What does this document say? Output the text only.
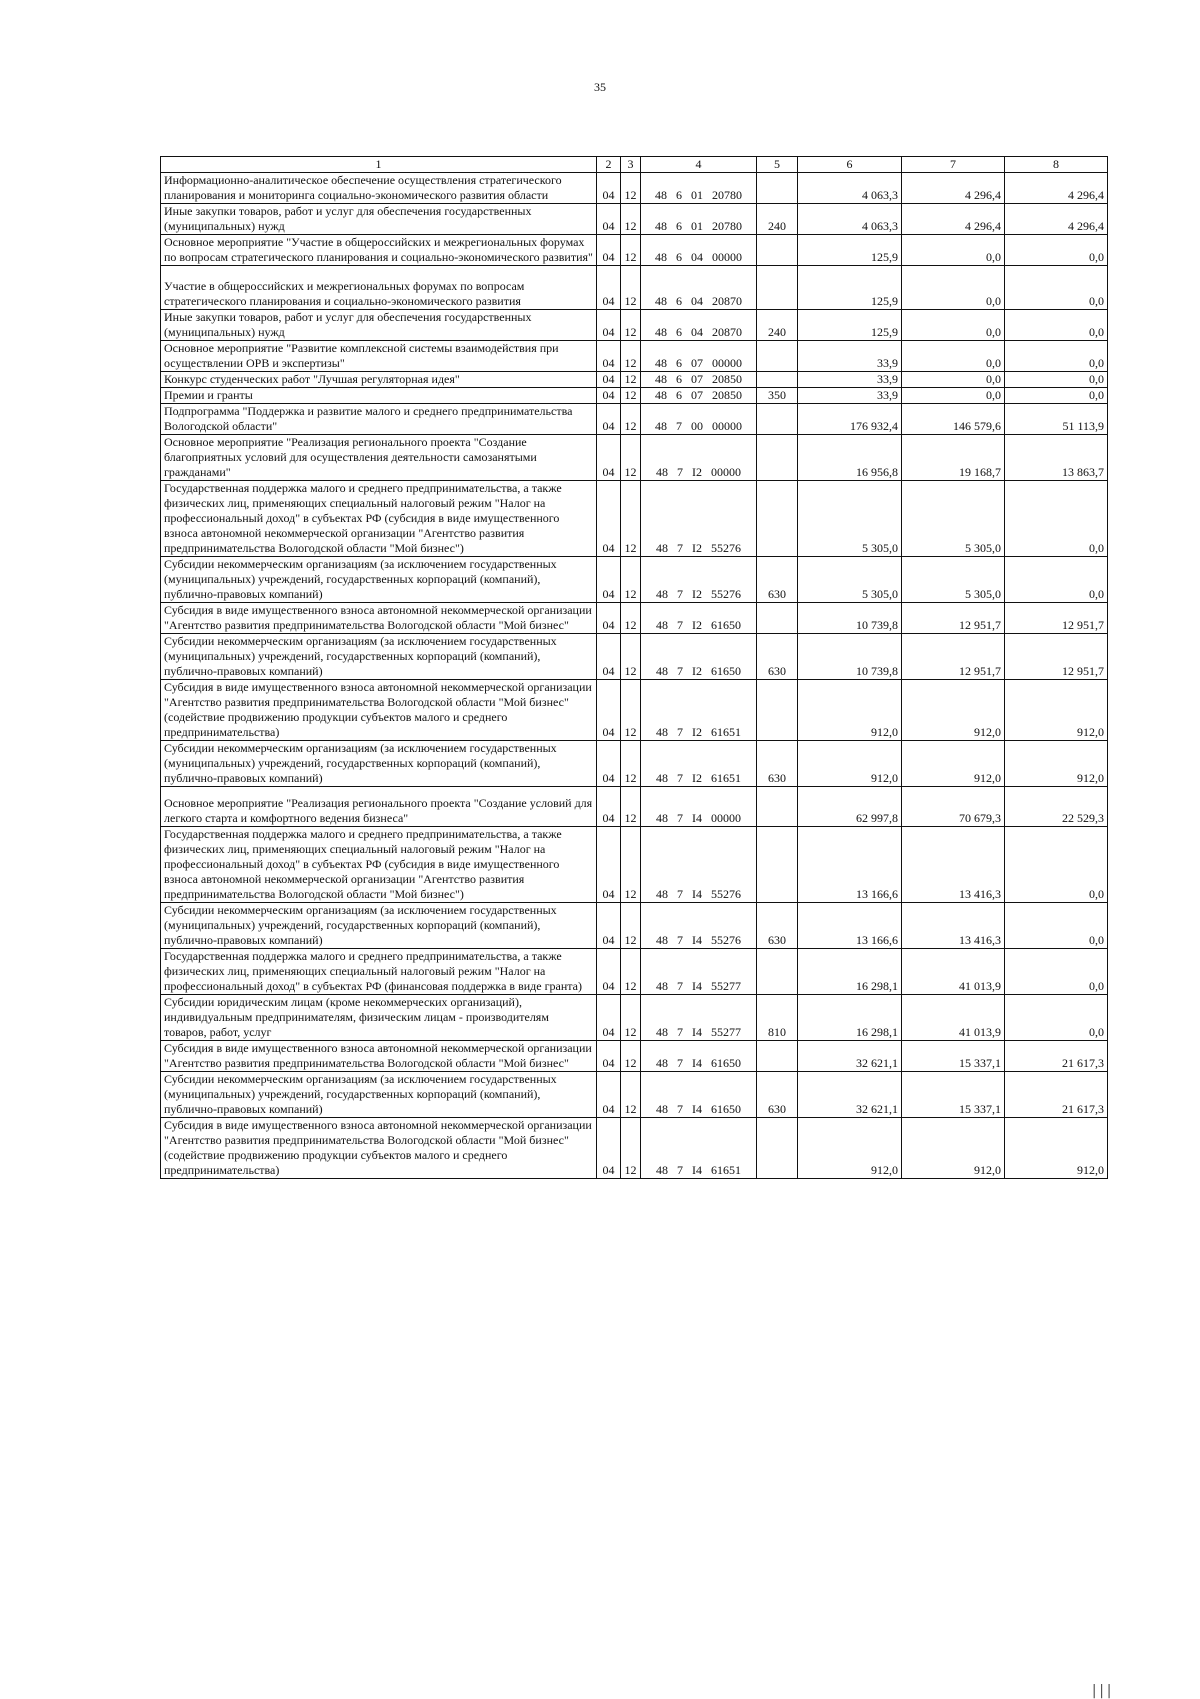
35
1	2	3	4	5	6	7	8
Информационно-аналитическое обеспечение осуществления стратегического планирования и мониторинга социально-экономического развития области	04	12	48 6 01 20780		4 063,3	4 296,4	4 296,4
Иные закупки товаров, работ и услуг для обеспечения государственных (муниципальных) нужд	04	12	48 6 01 20780	240	4 063,3	4 296,4	4 296,4
Основное мероприятие "Участие в общероссийских и межрегиональных форумах по вопросам стратегического планирования и социально-экономического развития"	04	12	48 6 04 00000		125,9	0,0	0,0
Участие в общероссийских и межрегиональных форумах по вопросам стратегического планирования и социально-экономического развития	04	12	48 6 04 20870		125,9	0,0	0,0
Иные закупки товаров, работ и услуг для обеспечения государственных (муниципальных) нужд	04	12	48 6 04 20870	240	125,9	0,0	0,0
Основное мероприятие "Развитие комплексной системы взаимодействия при осуществлении ОРВ и экспертизы"	04	12	48 6 07 00000		33,9	0,0	0,0
Конкурс студенческих работ "Лучшая регуляторная идея"	04	12	48 6 07 20850		33,9	0,0	0,0
Премии и гранты	04	12	48 6 07 20850	350	33,9	0,0	0,0
Подпрограмма "Поддержка и развитие малого и среднего предпринимательства Вологодской области"	04	12	48 7 00 00000		176 932,4	146 579,6	51 113,9
Основное мероприятие "Реализация регионального проекта "Создание благоприятных условий для осуществления деятельности самозанятыми гражданами"	04	12	48 7 I2 00000		16 956,8	19 168,7	13 863,7
Государственная поддержка малого и среднего предпринимательства, а также физических лиц, применяющих специальный налоговый режим "Налог на профессиональный доход" в субъектах РФ (субсидия в виде имущественного взноса автономной некоммерческой организации "Агентство развития предпринимательства Вологодской области "Мой бизнес")	04	12	48 7 I2 55276		5 305,0	5 305,0	0,0
Субсидии некоммерческим организациям (за исключением государственных (муниципальных) учреждений, государственных корпораций (компаний), публично-правовых компаний)	04	12	48 7 I2 55276	630	5 305,0	5 305,0	0,0
Субсидия в виде имущественного взноса автономной некоммерческой организации "Агентство развития предпринимательства Вологодской области "Мой бизнес"	04	12	48 7 I2 61650		10 739,8	12 951,7	12 951,7
Субсидии некоммерческим организациям (за исключением государственных (муниципальных) учреждений, государственных корпораций (компаний), публично-правовых компаний)	04	12	48 7 I2 61650	630	10 739,8	12 951,7	12 951,7
Субсидия в виде имущественного взноса автономной некоммерческой организации "Агентство развития предпринимательства Вологодской области "Мой бизнес" (содействие продвижению продукции субъектов малого и среднего предпринимательства)	04	12	48 7 I2 61651		912,0	912,0	912,0
Субсидии некоммерческим организациям (за исключением государственных (муниципальных) учреждений, государственных корпораций (компаний), публично-правовых компаний)	04	12	48 7 I2 61651	630	912,0	912,0	912,0
Основное мероприятие "Реализация регионального проекта "Создание условий для легкого старта и комфортного ведения бизнеса"	04	12	48 7 I4 00000		62 997,8	70 679,3	22 529,3
Государственная поддержка малого и среднего предпринимательства, а также физических лиц, применяющих специальный налоговый режим "Налог на профессиональный доход" в субъектах РФ (субсидия в виде имущественного взноса автономной некоммерческой организации "Агентство развития предпринимательства Вологодской области "Мой бизнес")	04	12	48 7 I4 55276		13 166,6	13 416,3	0,0
Субсидии некоммерческим организациям (за исключением государственных (муниципальных) учреждений, государственных корпораций (компаний), публично-правовых компаний)	04	12	48 7 I4 55276	630	13 166,6	13 416,3	0,0
Государственная поддержка малого и среднего предпринимательства, а также физических лиц, применяющих специальный налоговый режим "Налог на профессиональный доход" в субъектах РФ (финансовая поддержка в виде гранта)	04	12	48 7 I4 55277		16 298,1	41 013,9	0,0
Субсидии юридическим лицам (кроме некоммерческих организаций), индивидуальным предпринимателям, физическим лицам - производителям товаров, работ, услуг	04	12	48 7 I4 55277	810	16 298,1	41 013,9	0,0
Субсидия в виде имущественного взноса автономной некоммерческой организации "Агентство развития предпринимательства Вологодской области "Мой бизнес"	04	12	48 7 I4 61650		32 621,1	15 337,1	21 617,3
Субсидии некоммерческим организациям (за исключением государственных (муниципальных) учреждений, государственных корпораций (компаний), публично-правовых компаний)	04	12	48 7 I4 61650	630	32 621,1	15 337,1	21 617,3
Субсидия в виде имущественного взноса автономной некоммерческой организации "Агентство развития предпринимательства Вологодской области "Мой бизнес" (содействие продвижению продукции субъектов малого и среднего предпринимательства)	04	12	48 7 I4 61651		912,0	912,0	912,0
|||
